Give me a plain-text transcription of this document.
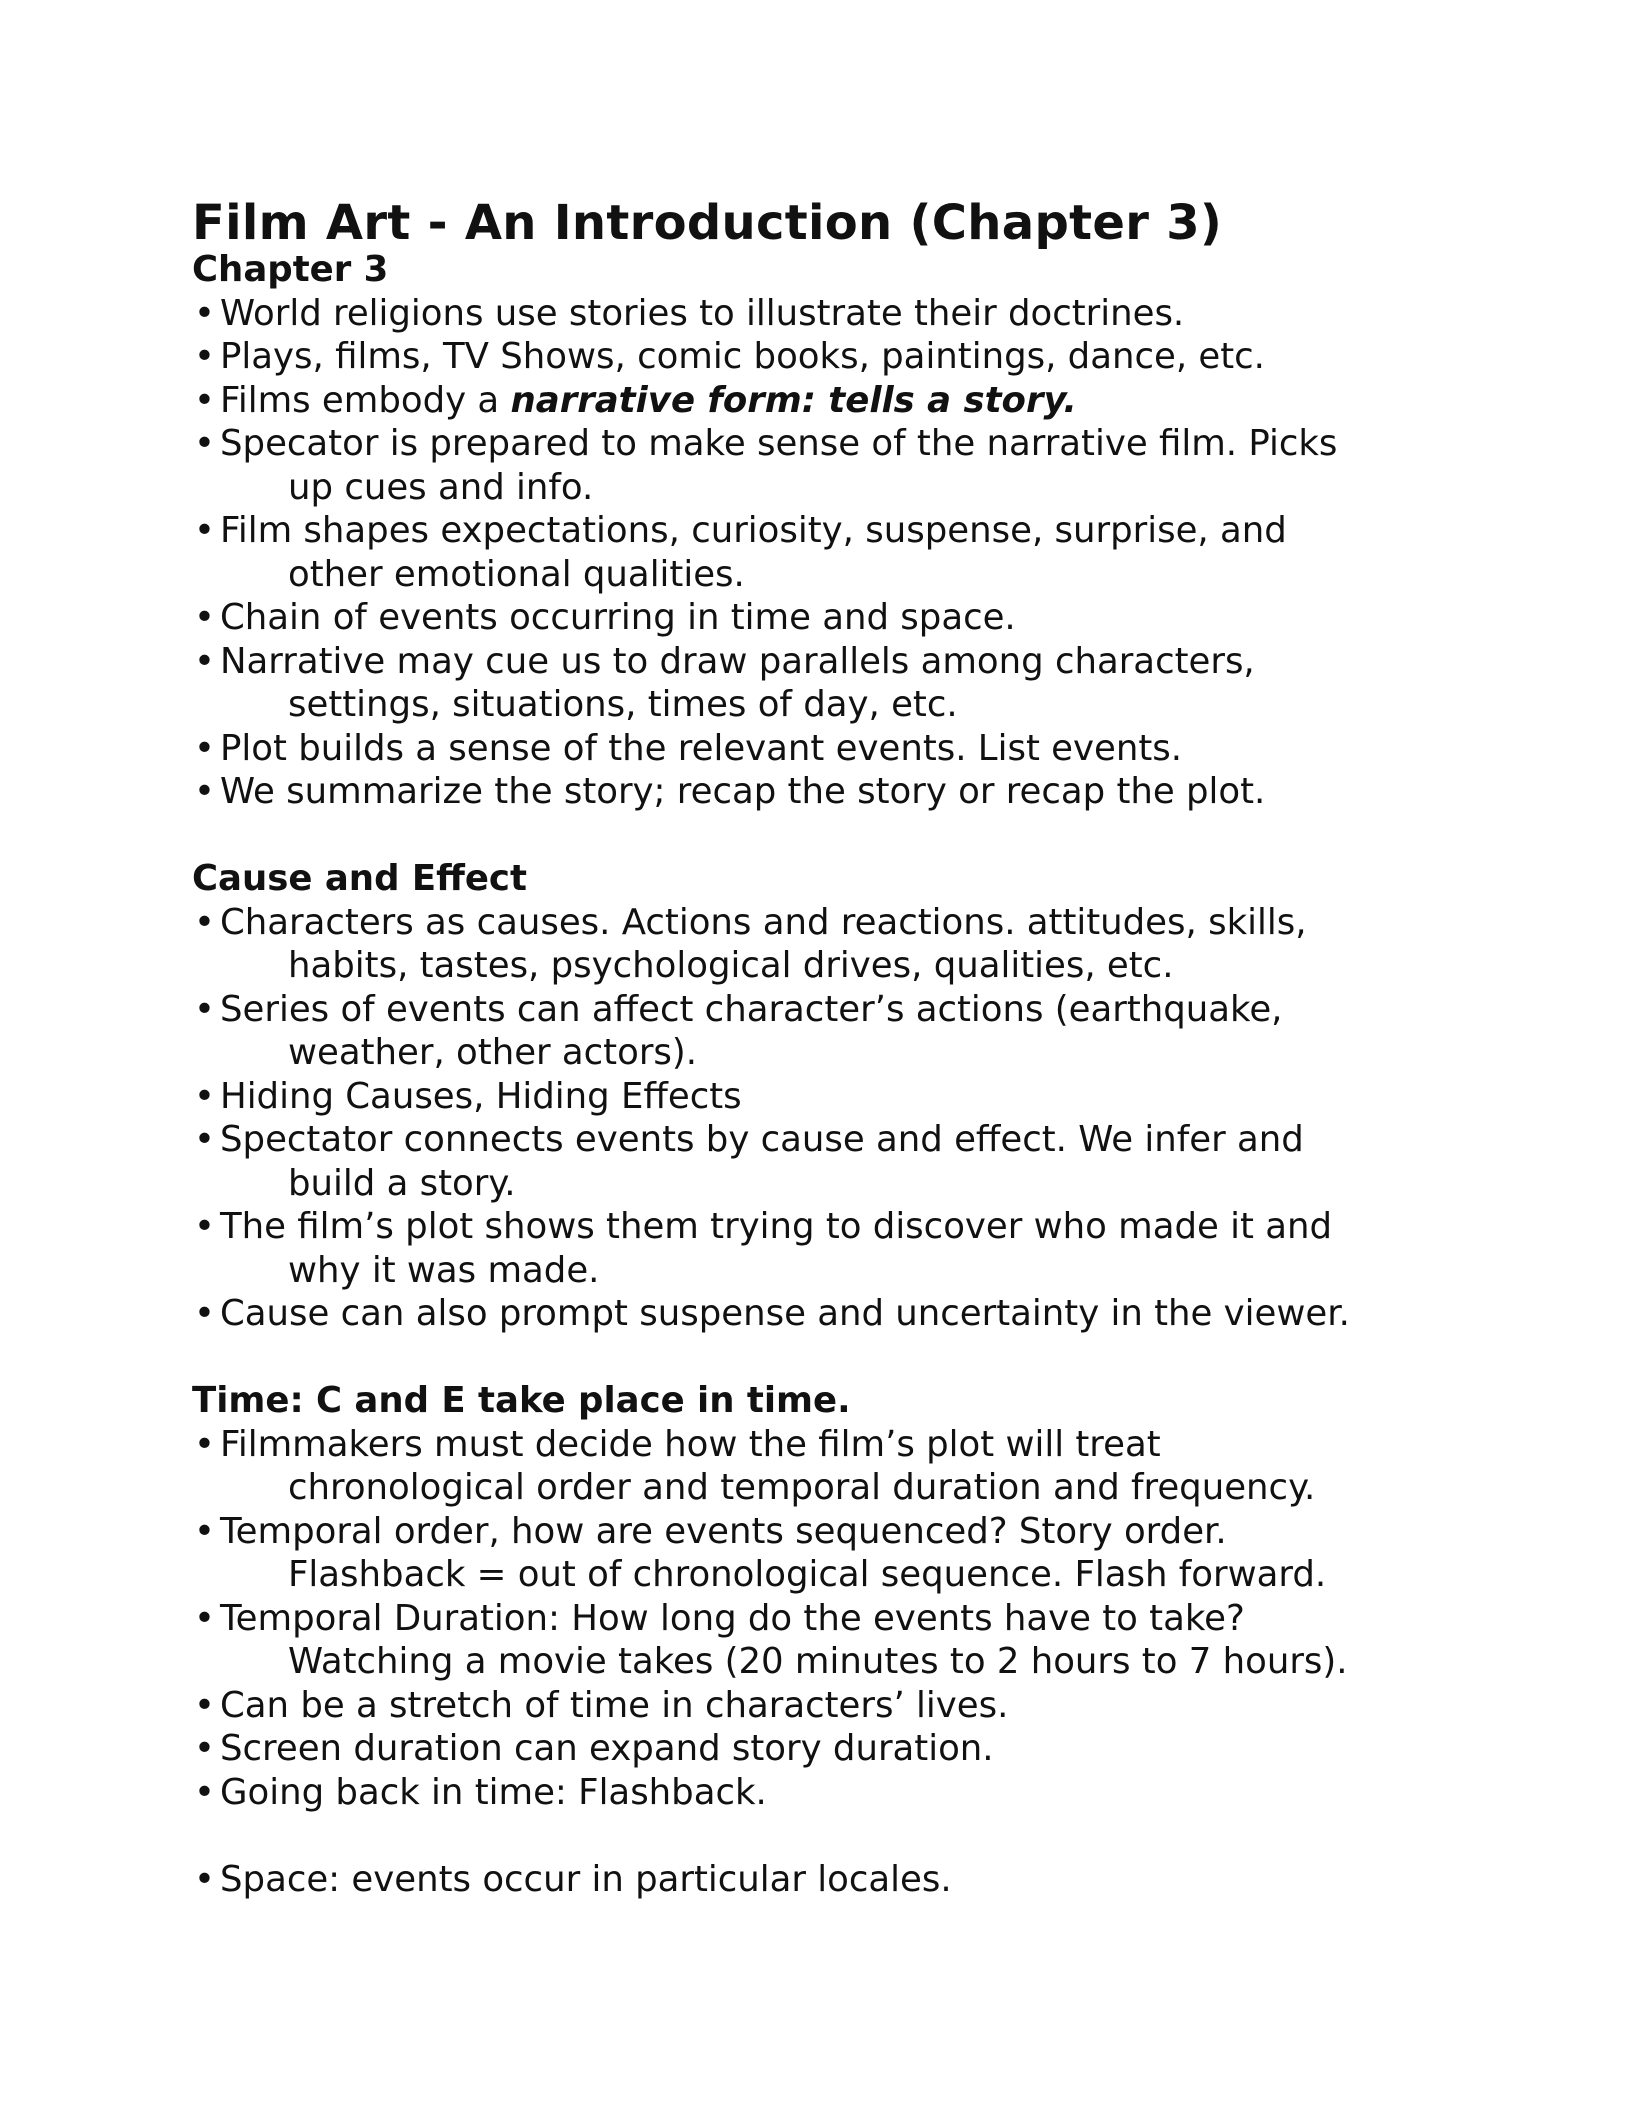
Film Art - An Introduction (Chapter 3)
Chapter 3
• World religions use stories to illustrate their doctrines.
• Plays, films, TV Shows, comic books, paintings, dance, etc.
• Films embody a narrative form: tells a story.
• Specator is prepared to make sense of the narrative film. Picks
up cues and info.
• Film shapes expectations, curiosity, suspense, surprise, and
other emotional qualities.
• Chain of events occurring in time and space.
• Narrative may cue us to draw parallels among characters,
settings, situations, times of day, etc.
• Plot builds a sense of the relevant events. List events.
• We summarize the story; recap the story or recap the plot.
Cause and Effect
• Characters as causes. Actions and reactions. attitudes, skills,
habits, tastes, psychological drives, qualities, etc.
• Series of events can affect character’s actions (earthquake,
weather, other actors).
• Hiding Causes, Hiding Effects
• Spectator connects events by cause and effect. We infer and
build a story.
• The film’s plot shows them trying to discover who made it and
why it was made.
• Cause can also prompt suspense and uncertainty in the viewer.
Time: C and E take place in time.
• Filmmakers must decide how the film’s plot will treat
chronological order and temporal duration and frequency.
• Temporal order, how are events sequenced? Story order.
Flashback = out of chronological sequence. Flash forward.
• Temporal Duration: How long do the events have to take?
Watching a movie takes (20 minutes to 2 hours to 7 hours).
• Can be a stretch of time in characters’ lives.
• Screen duration can expand story duration.
• Going back in time: Flashback.
• Space: events occur in particular locales.
